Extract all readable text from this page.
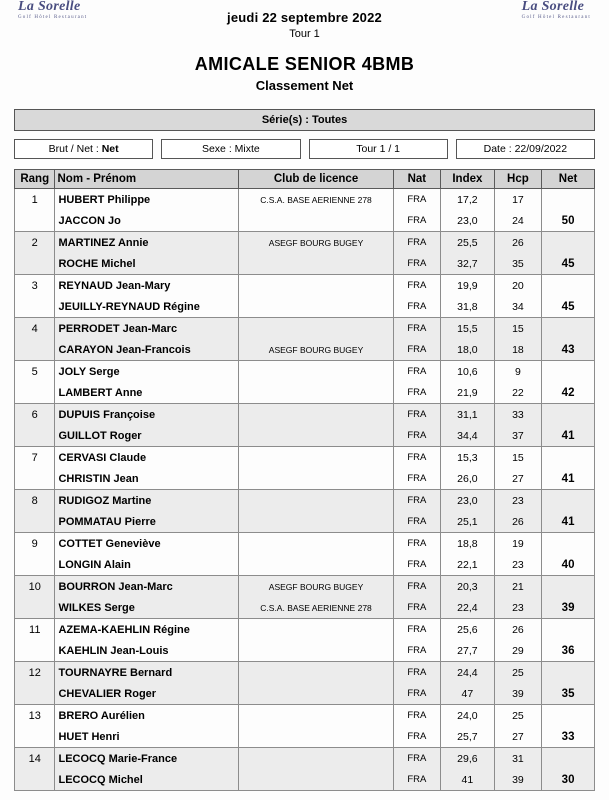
La Sorelle
Golf Hôtel Restaurant
La Sorelle
Golf Hôtel Restaurant
jeudi 22 septembre 2022
Tour 1
AMICALE SENIOR 4BMB
Classement Net
Série(s) : Toutes
Brut / Net : Net	Sexe : Mixte	Tour 1 / 1	Date : 22/09/2022
Rang	Nom - Prénom	Club de licence	Nat	Index	Hcp	Net
1	HUBERT Philippe	C.S.A. BASE AERIENNE 278	FRA	17,2	17	
	JACCON Jo		FRA	23,0	24	50
2	MARTINEZ Annie	ASEGF BOURG BUGEY	FRA	25,5	26	
	ROCHE Michel		FRA	32,7	35	45
3	REYNAUD Jean-Mary		FRA	19,9	20	
	JEUILLY-REYNAUD Régine		FRA	31,8	34	45
4	PERRODET Jean-Marc		FRA	15,5	15	
	CARAYON Jean-Francois	ASEGF BOURG BUGEY	FRA	18,0	18	43
5	JOLY Serge		FRA	10,6	9	
	LAMBERT Anne		FRA	21,9	22	42
6	DUPUIS Françoise		FRA	31,1	33	
	GUILLOT Roger		FRA	34,4	37	41
7	CERVASI Claude		FRA	15,3	15	
	CHRISTIN Jean		FRA	26,0	27	41
8	RUDIGOZ Martine		FRA	23,0	23	
	POMMATAU Pierre		FRA	25,1	26	41
9	COTTET Geneviève		FRA	18,8	19	
	LONGIN Alain		FRA	22,1	23	40
10	BOURRON Jean-Marc	ASEGF BOURG BUGEY	FRA	20,3	21	
	WILKES Serge	C.S.A. BASE AERIENNE 278	FRA	22,4	23	39
11	AZEMA-KAEHLIN Régine		FRA	25,6	26	
	KAEHLIN Jean-Louis		FRA	27,7	29	36
12	TOURNAYRE Bernard		FRA	24,4	25	
	CHEVALIER Roger		FRA	47	39	35
13	BRERO Aurélien		FRA	24,0	25	
	HUET Henri		FRA	25,7	27	33
14	LECOCQ Marie-France		FRA	29,6	31	
	LECOCQ Michel		FRA	41	39	30
